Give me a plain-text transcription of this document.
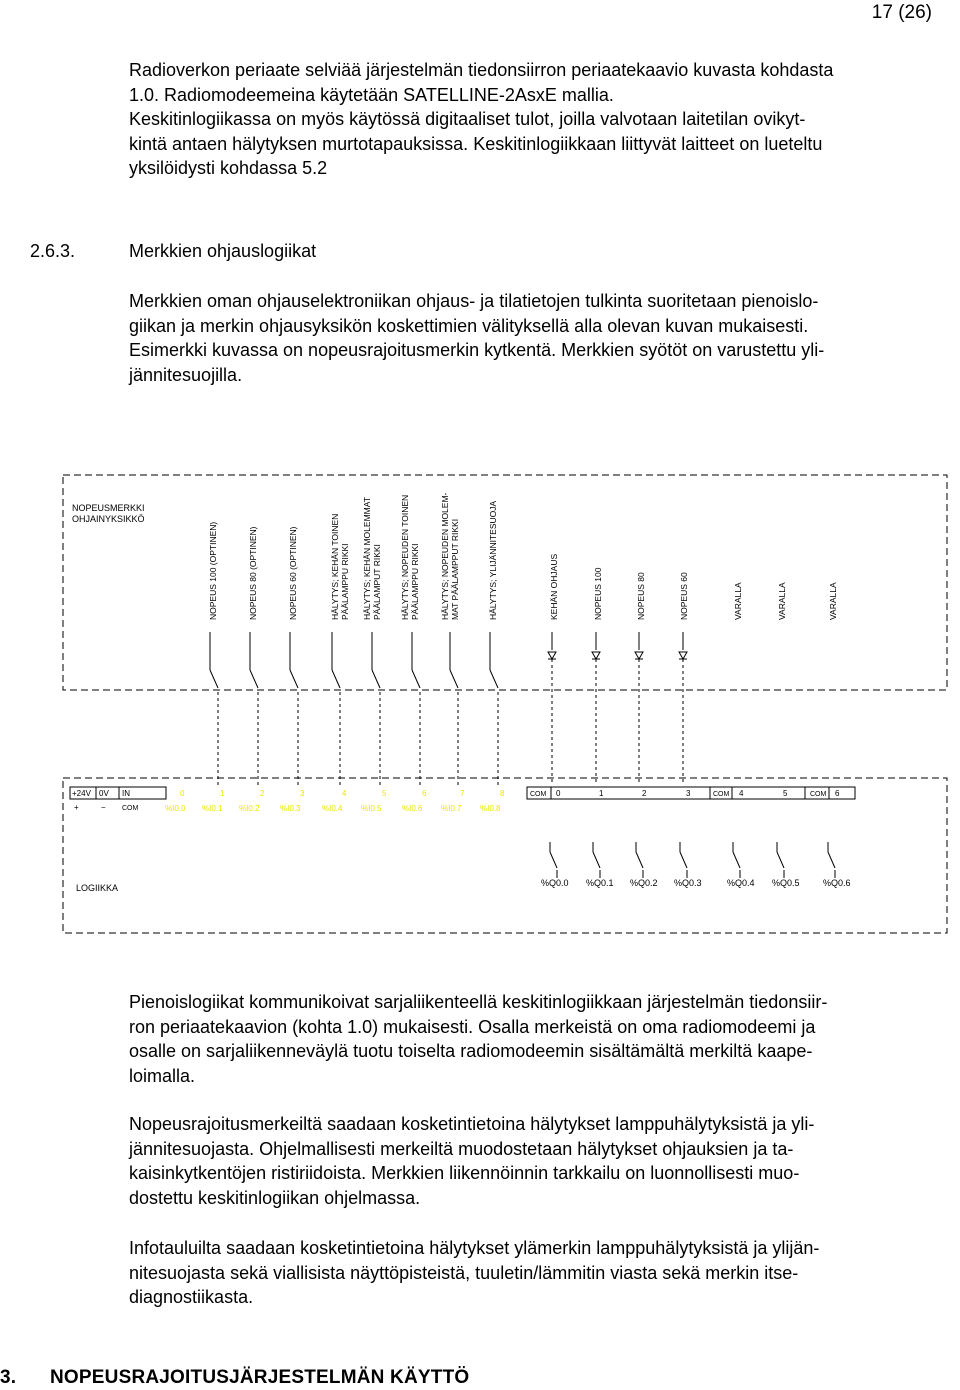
17 (26)
Radioverkon periaate selviää järjestelmän tiedonsiirron periaatekaavio kuvasta kohdasta
1.0. Radiomodeemeina käytetään SATELLINE-2AsxE mallia.
Keskitinlogiikassa on myös käytössä digitaaliset tulot, joilla valvotaan laitetilan ovikyt-
kintä antaen hälytyksen murtotapauksissa. Keskitinlogiikkaan liittyvät laitteet on lueteltu
yksilöidysti kohdassa 5.2
2.6.3.	Merkkien ohjauslogiikat
Merkkien oman ohjauselektroniikan ohjaus- ja tilatietojen tulkinta suoritetaan pienoislo-
giikan ja merkin ohjausyksikön koskettimien välityksellä alla olevan kuvan mukaisesti.
Esimerkki kuvassa on nopeusrajoitusmerkin kytkentä. Merkkien syötöt on varustettu yli-
jännitesuojilla.
NOPEUSMERKKI
OHJAINYKSIKKÖ
NOPEUS 100 (OPTINEN)	NOPEUS 80 (OPTINEN)	NOPEUS 60 (OPTINEN)	HÄLYTYS; KEHÄN TOINEN PÄÄLAMPPU RIKKI HÄLYTYS; KEHÄN MOLEMMAT PÄÄLAMPUT RIKKI HÄLYTYS; NOPEUDEN TOINEN PÄÄLAMPPU RIKKI HÄLYTYS; NOPEUDEN MOLEM- MAT PÄÄLAMPPUT RIKKI	HÄLYTYS; YLIJÄNNITESUOJA	KEHÄN OHJAUS	NOPEUS 100	NOPEUS 80	NOPEUS 60	VARALLA	VARALLA	VARALLA
+24V 0V IN
+	− COM
0	1	2	3	4	5	6	7	8
%I0.0 %I0.1 %I0.2	%I0.3	%I0.4 %I0.5	%I0.6 %I0.7 %I0.8
COM 0	1	2	3	COM 4	5	COM 6
LOGIIKKA	%Q0.0 %Q0.1 %Q0.2 %Q0.3	%Q0.4 %Q0.5	%Q0.6
Pienoislogiikat kommunikoivat sarjaliikenteellä keskitinlogiikkaan järjestelmän tiedonsiir-
ron periaatekaavion (kohta 1.0) mukaisesti. Osalla merkeistä on oma radiomodeemi ja
osalle on sarjaliikenneväylä tuotu toiselta radiomodeemin sisältämältä merkiltä kaape-
loimalla.
Nopeusrajoitusmerkeiltä saadaan kosketintietoina hälytykset lamppuhälytyksistä ja yli-
jännitesuojasta. Ohjelmallisesti merkeiltä muodostetaan hälytykset ohjauksien ja ta-
kaisinkytkentöjen ristiriidoista. Merkkien liikennöinnin tarkkailu on luonnollisesti muo-
dostettu keskitinlogiikan ohjelmassa.
Infotauluilta saadaan kosketintietoina hälytykset ylämerkin lamppuhälytyksistä ja ylijän-
nitesuojasta sekä viallisista näyttöpisteistä, tuuletin/lämmitin viasta sekä merkin itse-
diagnostiikasta.
3. NOPEUSRAJOITUSJÄRJESTELMÄN KÄYTTÖ
